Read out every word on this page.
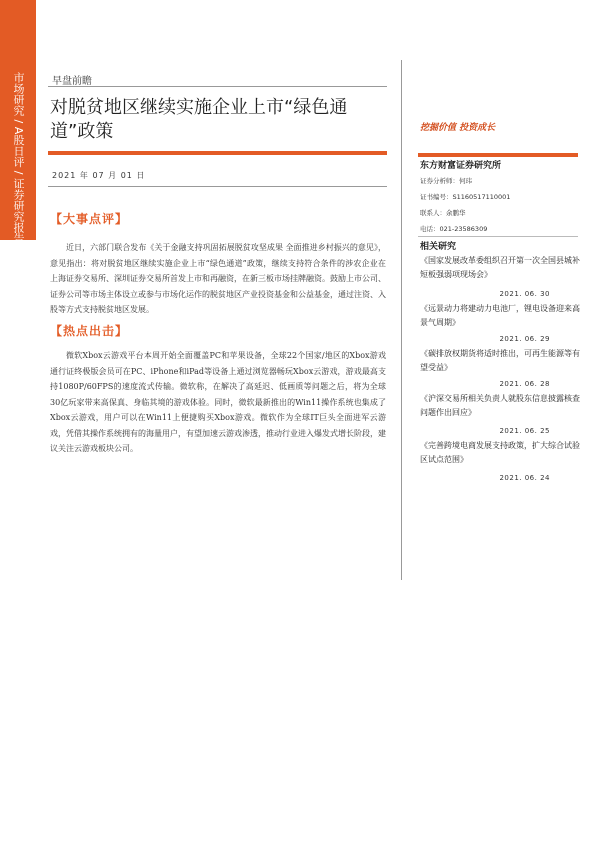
市场研究 / A股日评 / 证券研究报告	早盘前瞻
对脱贫地区继续实施企业上市“绿色通道”政策
2021 年 07 月 01 日
【大事点评】

近日，六部门联合发布《关于金融支持巩固拓展脱贫攻坚成果 全面推进乡村振兴的意见》，意见指出：将对脱贫地区继续实施企业上市“绿色通道”政策，继续支持符合条件的涉农企业在上海证券交易所、深圳证券交易所首发上市和再融资，在新三板市场挂牌融资。鼓励上市公司、证券公司等市场主体设立或参与市场化运作的脱贫地区产业投资基金和公益基金，通过注资、入股等方式支持脱贫地区发展。

【热点出击】

微软Xbox云游戏平台本周开始全面覆盖PC和苹果设备，全球22个国家/地区的Xbox游戏通行证终极版会员可在PC、iPhone和iPad等设备上通过浏览器畅玩Xbox云游戏，游戏最高支持1080P/60FPS的速度流式传输。微软称，在解决了高延迟、低画质等问题之后，将为全球30亿玩家带来高保真、身临其境的游戏体验。同时，微软最新推出的Win11操作系统也集成了Xbox云游戏，用户可以在Win11上便捷购买Xbox游戏。微软作为全球IT巨头全面进军云游戏，凭借其操作系统拥有的海量用户，有望加速云游戏渗透，推动行业进入爆发式增长阶段，建议关注云游戏板块公司。

挖掘价值 投资成长
东方财富证券研究所
证券分析师：何玮
证书编号：S1160517110001
联系人：余鹏华
电话：021-23586309
相关研究
《国家发展改革委组织召开第一次全国县城补短板强弱项现场会》
2021. 06. 30
《远景动力将建动力电池厂，锂电设备迎来高景气周期》
2021. 06. 29
《碳排放权期货将适时推出，可再生能源等有望受益》
2021. 06. 28
《沪深交易所相关负责人就股东信息披露核查问题作出回应》
2021. 06. 25
《完善跨境电商发展支持政策，扩大综合试验区试点范围》
2021. 06. 24
